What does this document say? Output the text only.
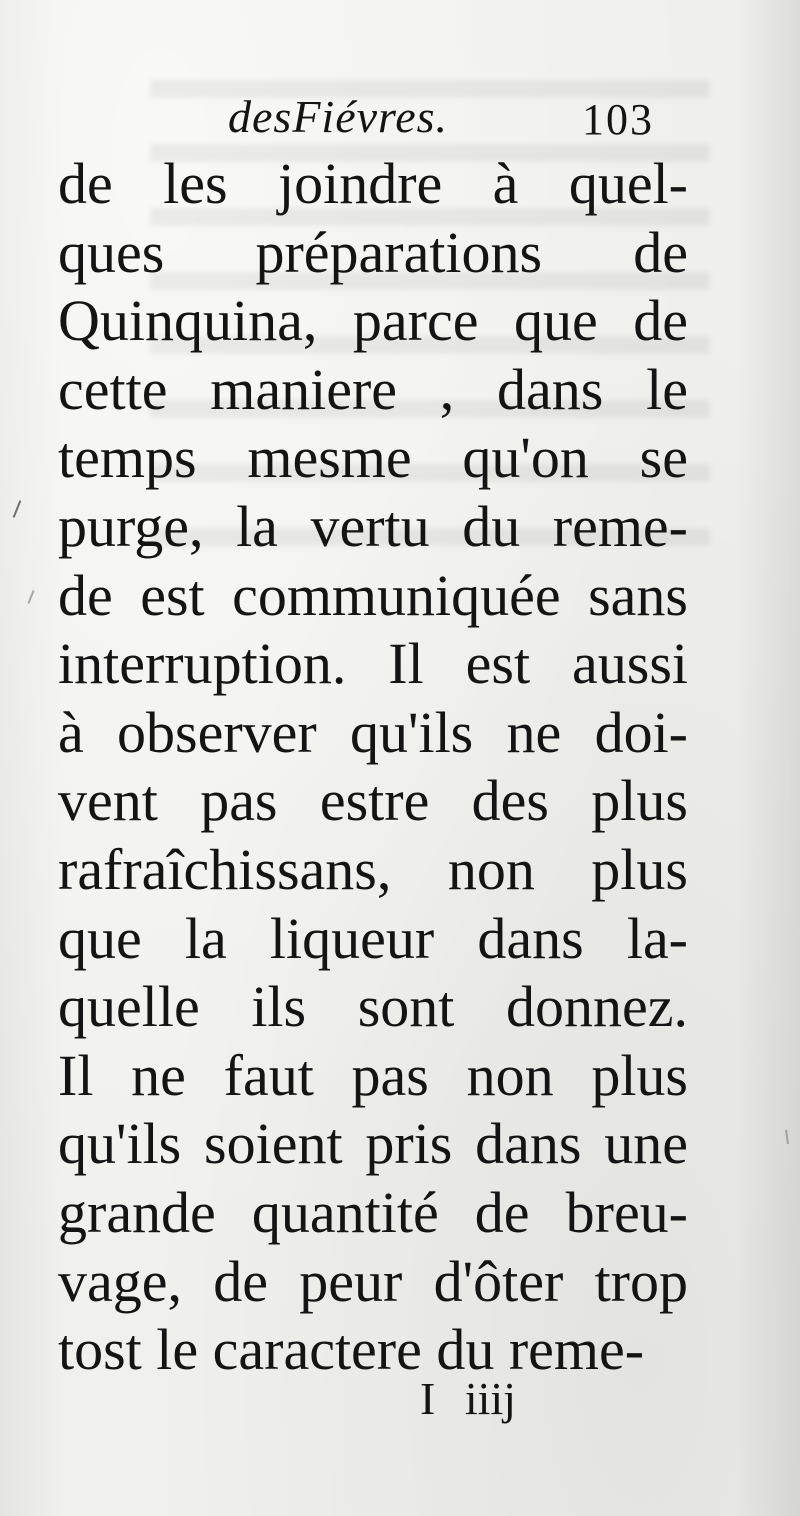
desFiévres.	103
de les joindre à quel-
ques préparations de
Quinquina, parce que de
cette maniere , dans le
temps mesme qu'on se
purge, la vertu du reme-
de est communiquée sans
interruption. Il est aussi
à observer qu'ils ne doi-
vent pas estre des plus
rafraîchissans, non plus
que la liqueur dans la-
quelle ils sont donnez.
Il ne faut pas non plus
qu'ils soient pris dans une
grande quantité de breu-
vage, de peur d'ôter trop
tost le caractere du reme-
I iiij
